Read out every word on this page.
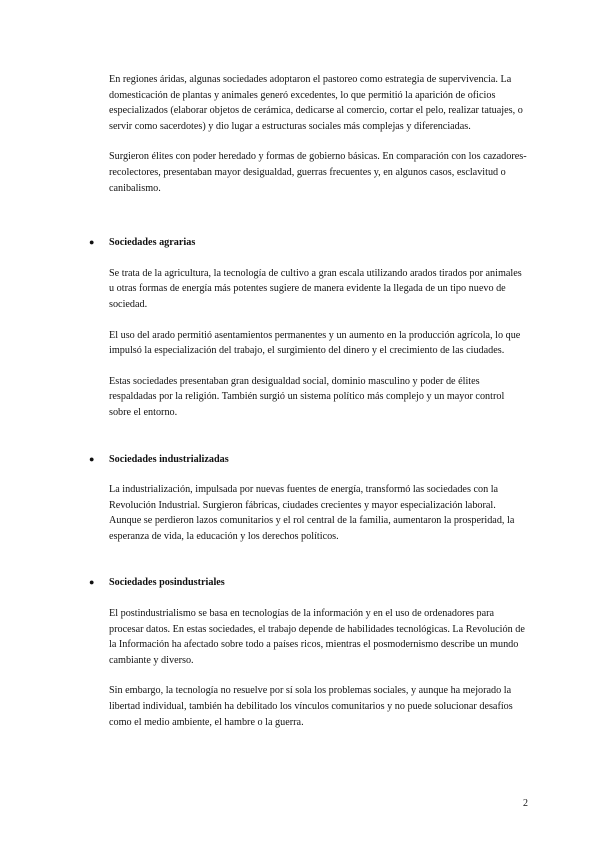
En regiones áridas, algunas sociedades adoptaron el pastoreo como estrategia de supervivencia. La domesticación de plantas y animales generó excedentes, lo que permitió la aparición de oficios especializados (elaborar objetos de cerámica, dedicarse al comercio, cortar el pelo, realizar tatuajes, o servir como sacerdotes) y dio lugar a estructuras sociales más complejas y diferenciadas.

Surgieron élites con poder heredado y formas de gobierno básicas. En comparación con los cazadores-recolectores, presentaban mayor desigualdad, guerras frecuentes y, en algunos casos, esclavitud o canibalismo.

● Sociedades agrarias

Se trata de la agricultura, la tecnología de cultivo a gran escala utilizando arados tirados por animales u otras formas de energía más potentes sugiere de manera evidente la llegada de un tipo nuevo de sociedad.

El uso del arado permitió asentamientos permanentes y un aumento en la producción agrícola, lo que impulsó la especialización del trabajo, el surgimiento del dinero y el crecimiento de las ciudades.

Estas sociedades presentaban gran desigualdad social, dominio masculino y poder de élites respaldadas por la religión. También surgió un sistema político más complejo y un mayor control sobre el entorno.

● Sociedades industrializadas

La industrialización, impulsada por nuevas fuentes de energía, transformó las sociedades con la Revolución Industrial. Surgieron fábricas, ciudades crecientes y mayor especialización laboral. Aunque se perdieron lazos comunitarios y el rol central de la familia, aumentaron la prosperidad, la esperanza de vida, la educación y los derechos políticos.

● Sociedades posindustriales

El postindustrialismo se basa en tecnologías de la información y en el uso de ordenadores para procesar datos. En estas sociedades, el trabajo depende de habilidades tecnológicas. La Revolución de la Información ha afectado sobre todo a países ricos, mientras el posmodernismo describe un mundo cambiante y diverso.

Sin embargo, la tecnología no resuelve por sí sola los problemas sociales, y aunque ha mejorado la libertad individual, también ha debilitado los vínculos comunitarios y no puede solucionar desafíos como el medio ambiente, el hambre o la guerra.

2
